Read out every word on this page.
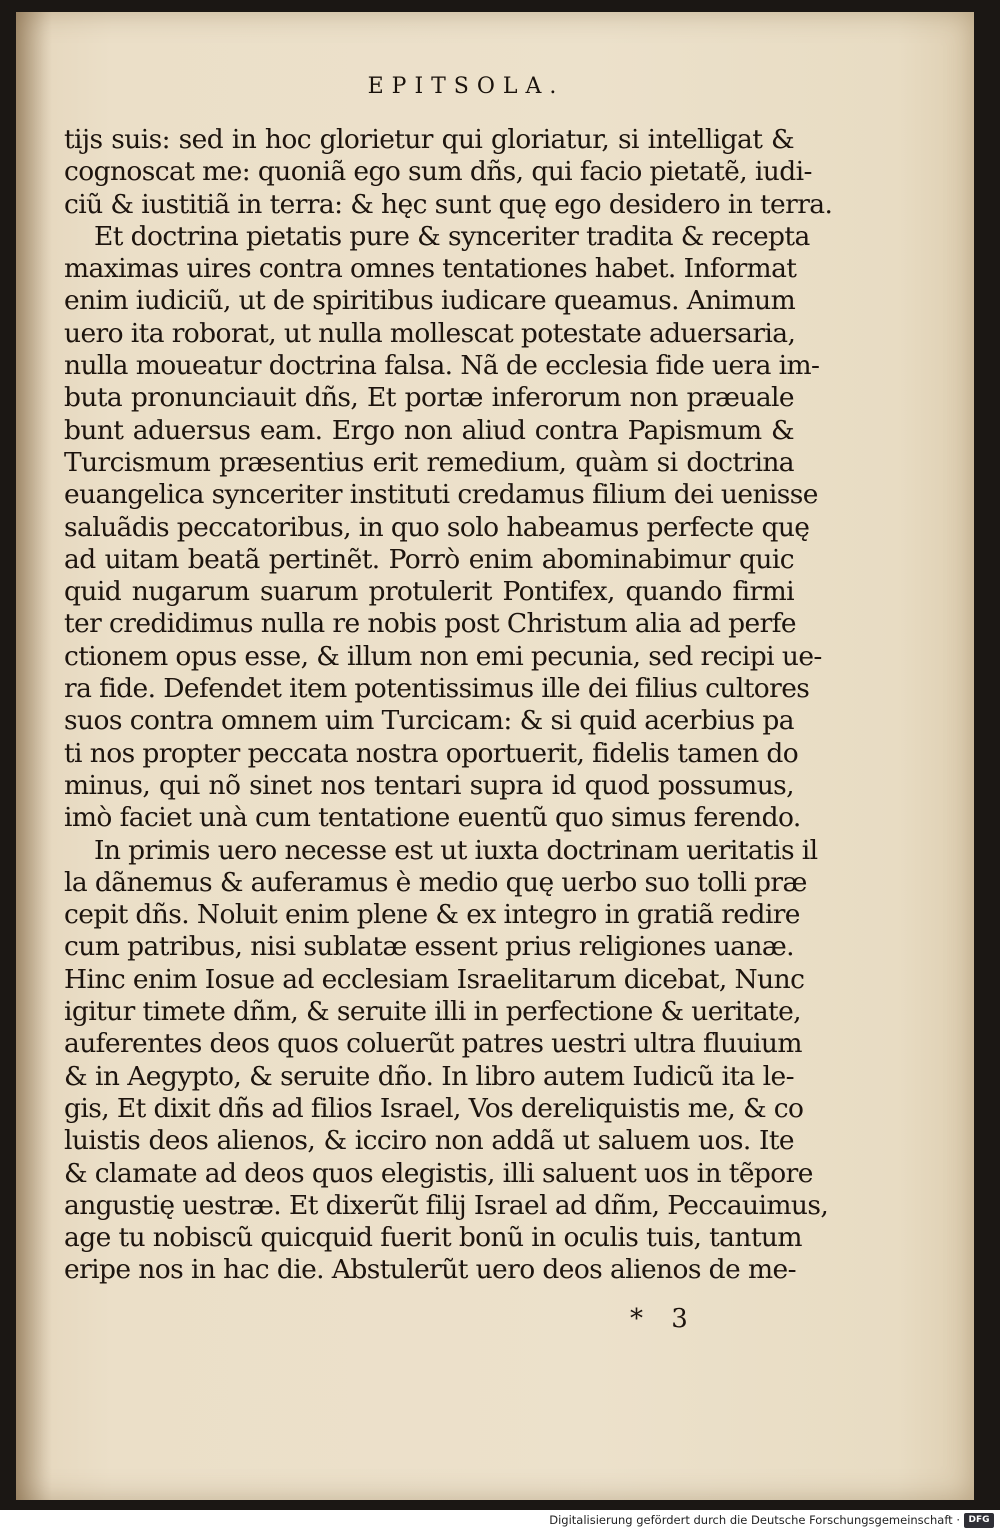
EPITSOLA.
tijs suis: sed in hoc glorietur qui gloriatur, si intelligat &
cognoscat me: quoniã ego sum dñs, qui facio pietatẽ, iudi-
ciũ & iustitiã in terra: & hęc sunt quę ego desidero in terra.
Et doctrina pietatis pure & synceriter tradita & recepta
maximas uires contra omnes tentationes habet. Informat
enim iudiciũ, ut de spiritibus iudicare queamus. Animum
uero ita roborat, ut nulla mollescat potestate aduersaria,
nulla moueatur doctrina falsa. Nã de ecclesia fide uera im-
buta pronunciauit dñs, Et portæ inferorum non præuale
bunt aduersus eam. Ergo non aliud contra Papismum &
Turcismum præsentius erit remedium, quàm si doctrina
euangelica synceriter instituti credamus filium dei uenisse
saluãdis peccatoribus, in quo solo habeamus perfecte quę
ad uitam beatã pertinẽt. Porrò enim abominabimur quic
quid nugarum suarum protulerit Pontifex, quando firmi
ter credidimus nulla re nobis post Christum alia ad perfe
ctionem opus esse, & illum non emi pecunia, sed recipi ue-
ra fide. Defendet item potentissimus ille dei filius cultores
suos contra omnem uim Turcicam: & si quid acerbius pa
ti nos propter peccata nostra oportuerit, fidelis tamen do
minus, qui nõ sinet nos tentari supra id quod possumus,
imò faciet unà cum tentatione euentũ quo simus ferendo.
In primis uero necesse est ut iuxta doctrinam ueritatis il
la dãnemus & auferamus è medio quę uerbo suo tolli præ
cepit dñs. Noluit enim plene & ex integro in gratiã redire
cum patribus, nisi sublatæ essent prius religiones uanæ.
Hinc enim Iosue ad ecclesiam Israelitarum dicebat, Nunc
igitur timete dñm, & seruite illi in perfectione & ueritate,
auferentes deos quos coluerũt patres uestri ultra fluuium
& in Aegypto, & seruite dño. In libro autem Iudicũ ita le-
gis, Et dixit dñs ad filios Israel, Vos dereliquistis me, & co
luistis deos alienos, & icciro non addã ut saluem uos. Ite
& clamate ad deos quos elegistis, illi saluent uos in tẽpore
angustię uestræ. Et dixerũt filij Israel ad dñm, Peccauimus,
age tu nobiscũ quicquid fuerit bonũ in oculis tuis, tantum
eripe nos in hac die. Abstulerũt uero deos alienos de me-
* 3
Digitalisierung gefördert durch die Deutsche Forschungsgemeinschaft · DFG
